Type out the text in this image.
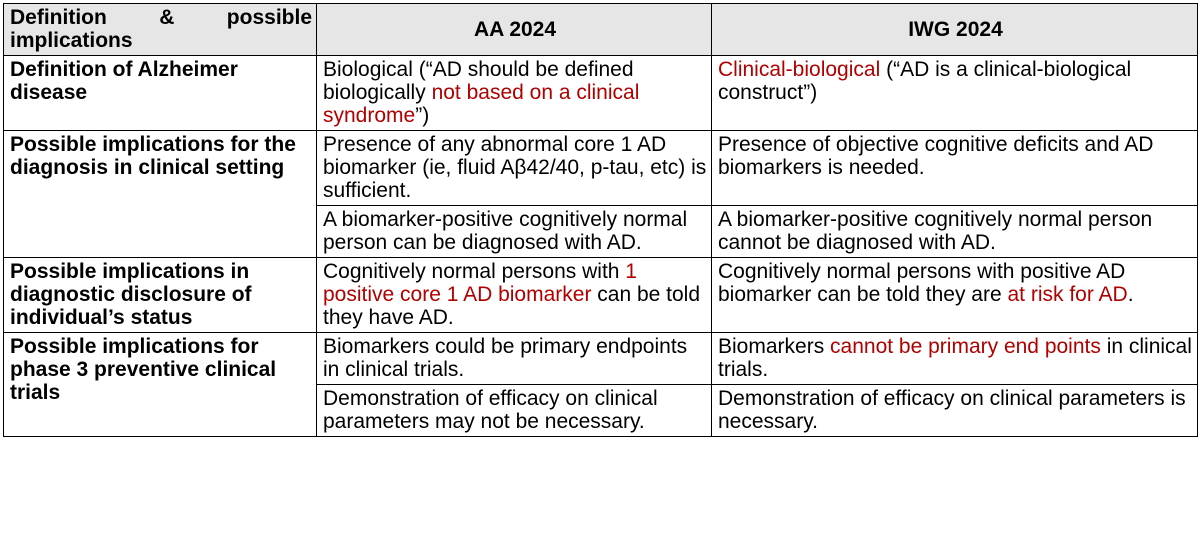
Definition & possible implications	AA 2024	IWG 2024
Definition of Alzheimer disease	Biological (“AD should be defined biologically not based on a clinical syndrome”)	Clinical-biological (“AD is a clinical-biological construct”)
Possible implications for the diagnosis in clinical setting	Presence of any abnormal core 1 AD biomarker (ie, fluid Aβ42/40, p-tau, etc) is sufficient.	Presence of objective cognitive deficits and AD biomarkers is needed.
	A biomarker-positive cognitively normal person can be diagnosed with AD.	A biomarker-positive cognitively normal person cannot be diagnosed with AD.
Possible implications in diagnostic disclosure of individual’s status	Cognitively normal persons with 1 positive core 1 AD biomarker can be told they have AD.	Cognitively normal persons with positive AD biomarker can be told they are at risk for AD.
Possible implications for phase 3 preventive clinical trials	Biomarkers could be primary endpoints in clinical trials.	Biomarkers cannot be primary end points in clinical trials.
	Demonstration of efficacy on clinical parameters may not be necessary.	Demonstration of efficacy on clinical parameters is necessary.
